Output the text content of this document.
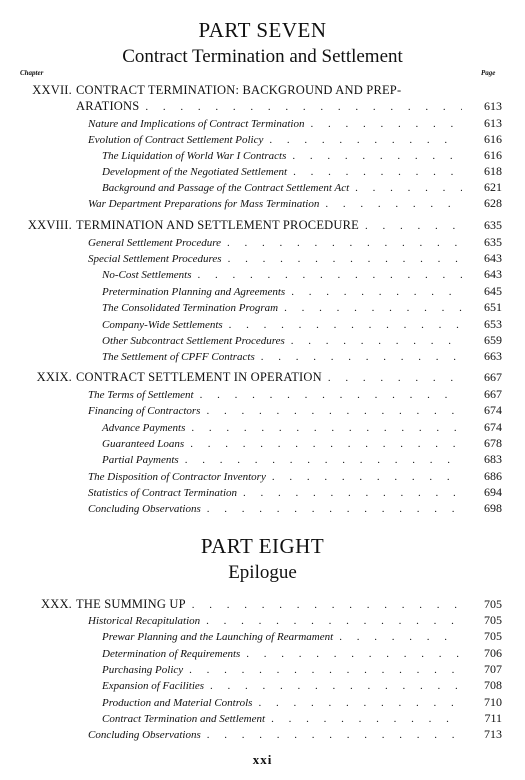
PART SEVEN
Contract Termination and Settlement
Chapter	Page
XXVII. CONTRACT TERMINATION: BACKGROUND AND PREP-
ARATIONS . . .	613
Nature and Implications of Contract Termination . . .	613
Evolution of Contract Settlement Policy . . .	616
The Liquidation of World War I Contracts . . .	616
Development of the Negotiated Settlement . . .	618
Background and Passage of the Contract Settlement Act . . .	621
War Department Preparations for Mass Termination . . .	628
XXVIII. TERMINATION AND SETTLEMENT PROCEDURE . . .	635
General Settlement Procedure . . .	635
Special Settlement Procedures . . .	643
No-Cost Settlements . . .	643
Pretermination Planning and Agreements . . .	645
The Consolidated Termination Program . . .	651
Company-Wide Settlements . . .	653
Other Subcontract Settlement Procedures . . .	659
The Settlement of CPFF Contracts . . .	663
XXIX. CONTRACT SETTLEMENT IN OPERATION . . .	667
The Terms of Settlement . . .	667
Financing of Contractors . . .	674
Advance Payments . . .	674
Guaranteed Loans . . .	678
Partial Payments . . .	683
The Disposition of Contractor Inventory . . .	686
Statistics of Contract Termination . . .	694
Concluding Observations . . .	698
PART EIGHT
Epilogue
XXX. THE SUMMING UP . . .	705
Historical Recapitulation . . .	705
Prewar Planning and the Launching of Rearmament . . .	705
Determination of Requirements . . .	706
Purchasing Policy . . .	707
Expansion of Facilities . . .	708
Production and Material Controls . . .	710
Contract Termination and Settlement . . .	711
Concluding Observations . . .	713
xxi
